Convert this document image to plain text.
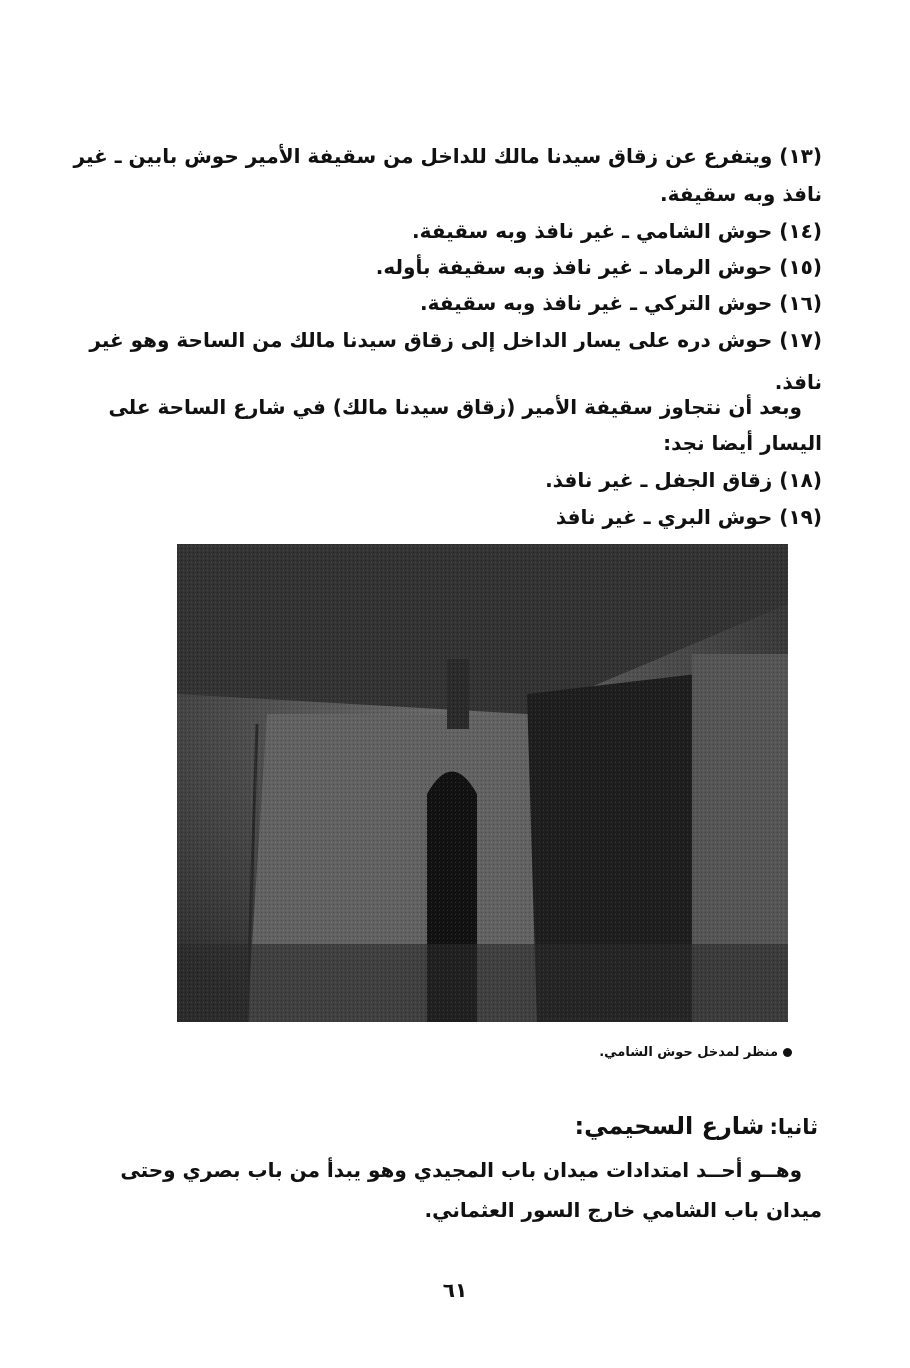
(١٣) ويتفرع عن زقاق سيدنا مالك للداخل من سقيفة الأمير حوش بابين ـ غير
نافذ وبه سقيفة.
(١٤) حوش الشامي ـ غير نافذ وبه سقيفة.
(١٥) حوش الرماد ـ غير نافذ وبه سقيفة بأوله.
(١٦) حوش التركي ـ غير نافذ وبه سقيفة.
(١٧) حوش دره على يسار الداخل إلى زقاق سيدنا مالك من الساحة وهو غير
نافذ.
وبعد أن نتجاوز سقيفة الأمير (زقاق سيدنا مالك) في شارع الساحة على
اليسار أيضا نجد:
(١٨) زقاق الجفل ـ غير نافذ.
(١٩) حوش البري ـ غير نافذ
منظر لمدخل حوش الشامي.
ثانيا: شارع السحيمي:
وهــو أحــد امتدادات ميدان باب المجيدي وهو يبدأ من باب بصري وحتى
ميدان باب الشامي خارج السور العثماني.
٦١
